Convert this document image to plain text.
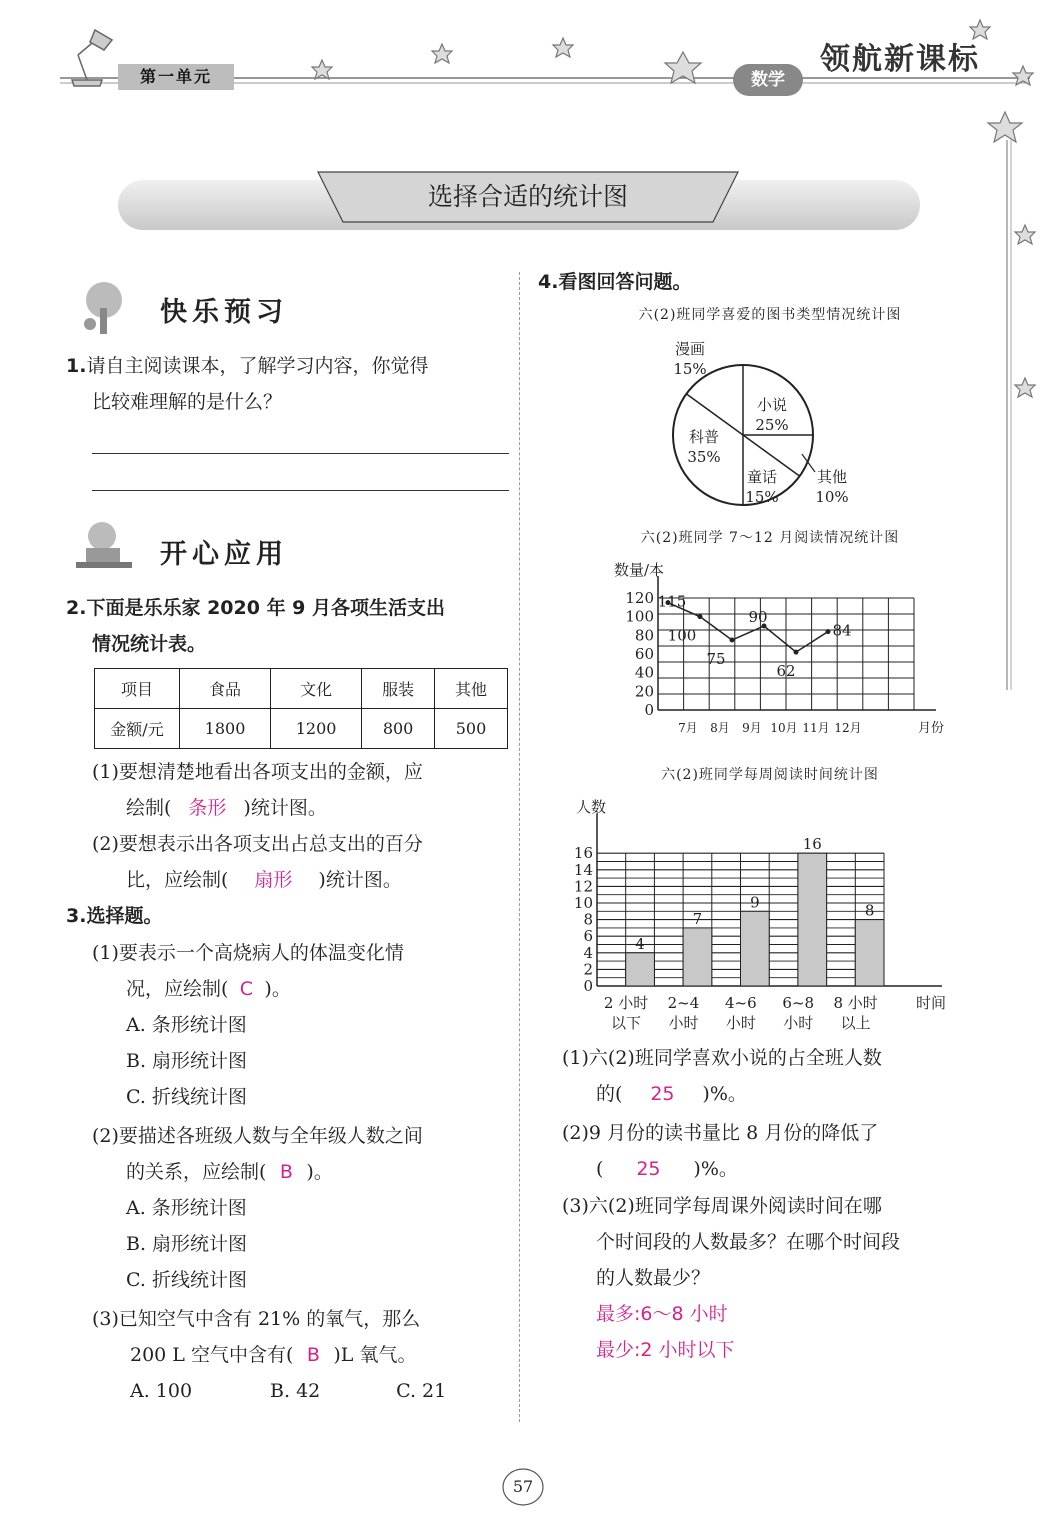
第一单元	数学
领航新课标
选择合适的统计图
快乐预习
1.请自主阅读课本，了解学习内容，你觉得
比较难理解的是什么？
开心应用
2.下面是乐乐家 2020 年 9 月各项生活支出
情况统计表。
项目	食品	文化	服装	其他
金额/元	1800	1200	800	500
(1)要想清楚地看出各项支出的金额，应
绘制( 条形 )统计图。
(2)要想表示出各项支出占总支出的百分
比，应绘制( 扇形 )统计图。
3.选择题。
(1)要表示一个高烧病人的体温变化情
况，应绘制( C )。
A. 条形统计图
B. 扇形统计图
C. 折线统计图
(2)要描述各班级人数与全年级人数之间
的关系，应绘制( B )。
A. 条形统计图
B. 扇形统计图
C. 折线统计图
(3)已知空气中含有 21% 的氧气，那么
200 L 空气中含有( B )L 氧气。
A. 100	B. 42	C. 21
4.看图回答问题。
六(2)班同学喜爱的图书类型情况统计图
漫画
15%
小说
25%
其他
10%
童话
15%
科普
35%
六(2)班同学 7～12 月阅读情况统计图
数量/本
月份
0
20
40
60
80
100
120 115
7月
100
8月
75
9月
90
10月
62
11月
84
12月
六(2)班同学每周阅读时间统计图
人数
时间
0
2
4
6
8
10
12
14
16
4
2 小时
以下
7
2~4
小时
9
4~6
小时
16
6~8
小时
8
8 小时
以上
(1)六(2)班同学喜欢小说的占全班人数
的( 25 )%。
(2)9 月份的读书量比 8 月份的降低了
( 25 )%。
(3)六(2)班同学每周课外阅读时间在哪
个时间段的人数最多？在哪个时间段
的人数最少？
最多:6～8 小时
最少:2 小时以下
57
